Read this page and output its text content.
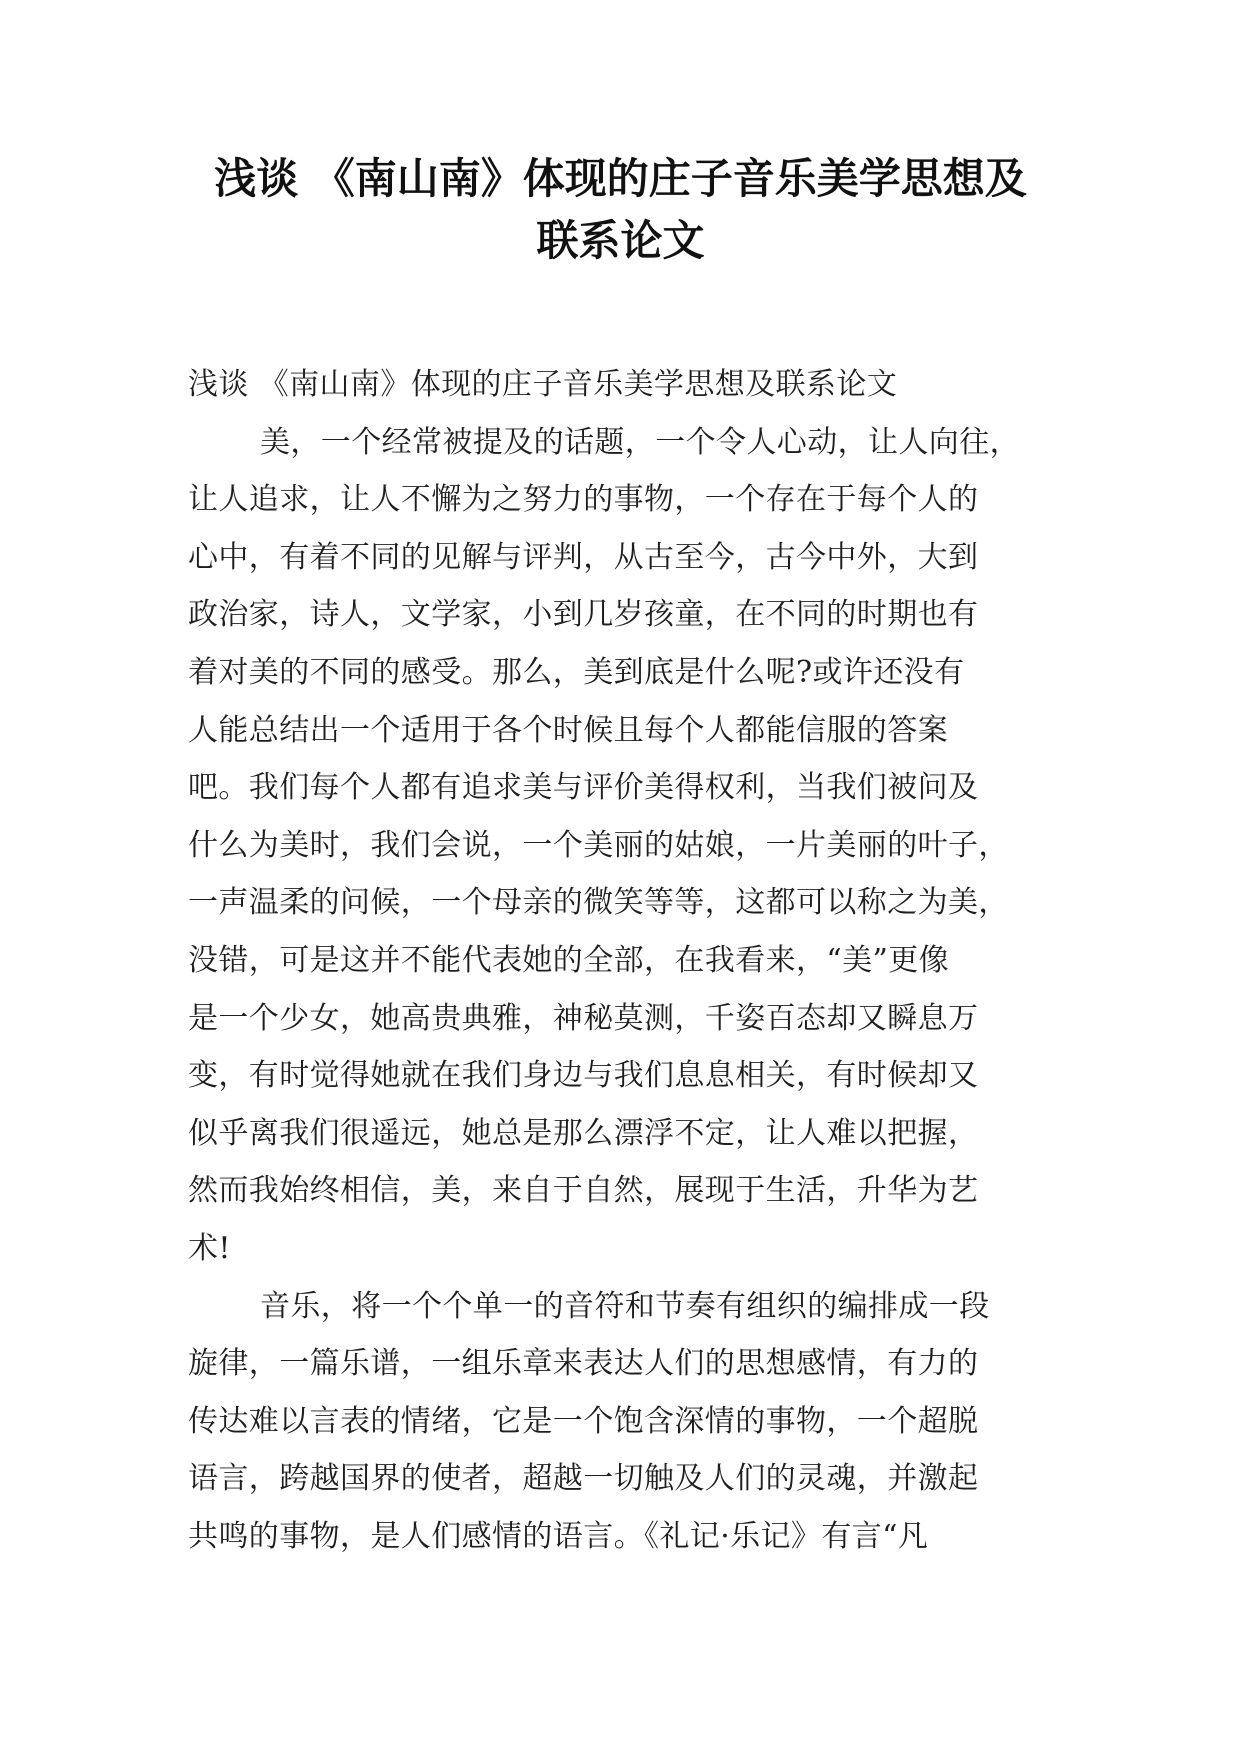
浅谈 《南山南》体现的庄子音乐美学思想及
联系论文
浅谈 《南山南》体现的庄子音乐美学思想及联系论文
美，一个经常被提及的话题，一个令人心动，让人向往，
让人追求，让人不懈为之努力的事物，一个存在于每个人的
心中，有着不同的见解与评判，从古至今，古今中外，大到
政治家，诗人，文学家，小到几岁孩童，在不同的时期也有
着对美的不同的感受。那么，美到底是什么呢?或许还没有
人能总结出一个适用于各个时候且每个人都能信服的答案
吧。我们每个人都有追求美与评价美得权利，当我们被问及
什么为美时，我们会说，一个美丽的姑娘，一片美丽的叶子，
一声温柔的问候，一个母亲的微笑等等，这都可以称之为美，
没错，可是这并不能代表她的全部，在我看来，“美”更像
是一个少女，她高贵典雅，神秘莫测，千姿百态却又瞬息万
变，有时觉得她就在我们身边与我们息息相关，有时候却又
似乎离我们很遥远，她总是那么漂浮不定，让人难以把握，
然而我始终相信，美，来自于自然，展现于生活，升华为艺
术!
音乐，将一个个单一的音符和节奏有组织的编排成一段
旋律，一篇乐谱，一组乐章来表达人们的思想感情，有力的
传达难以言表的情绪，它是一个饱含深情的事物，一个超脱
语言，跨越国界的使者，超越一切触及人们的灵魂，并激起
共鸣的事物，是人们感情的语言。《礼记·乐记》有言“凡
